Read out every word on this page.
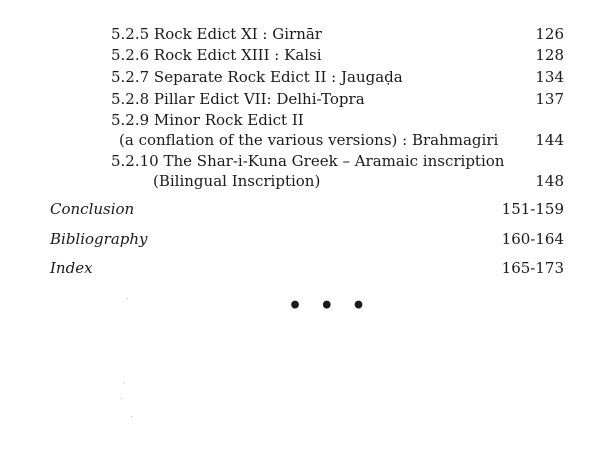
5.2.5 Rock Edict XI : Girnār	126
5.2.6 Rock Edict XIII : Kalsi	128
5.2.7 Separate Rock Edict II : Jaugaḍa	134
5.2.8 Pillar Edict VII: Delhi-Topra	137
5.2.9 Minor Rock Edict II
(a conflation of the various versions) : Brahmagiri 144
5.2.10 The Shar-i-Kuna Greek – Aramaic inscription
(Bilingual Inscription)	148
Conclusion	151-159
Bibliography	160-164
Index	165-173
• • •
